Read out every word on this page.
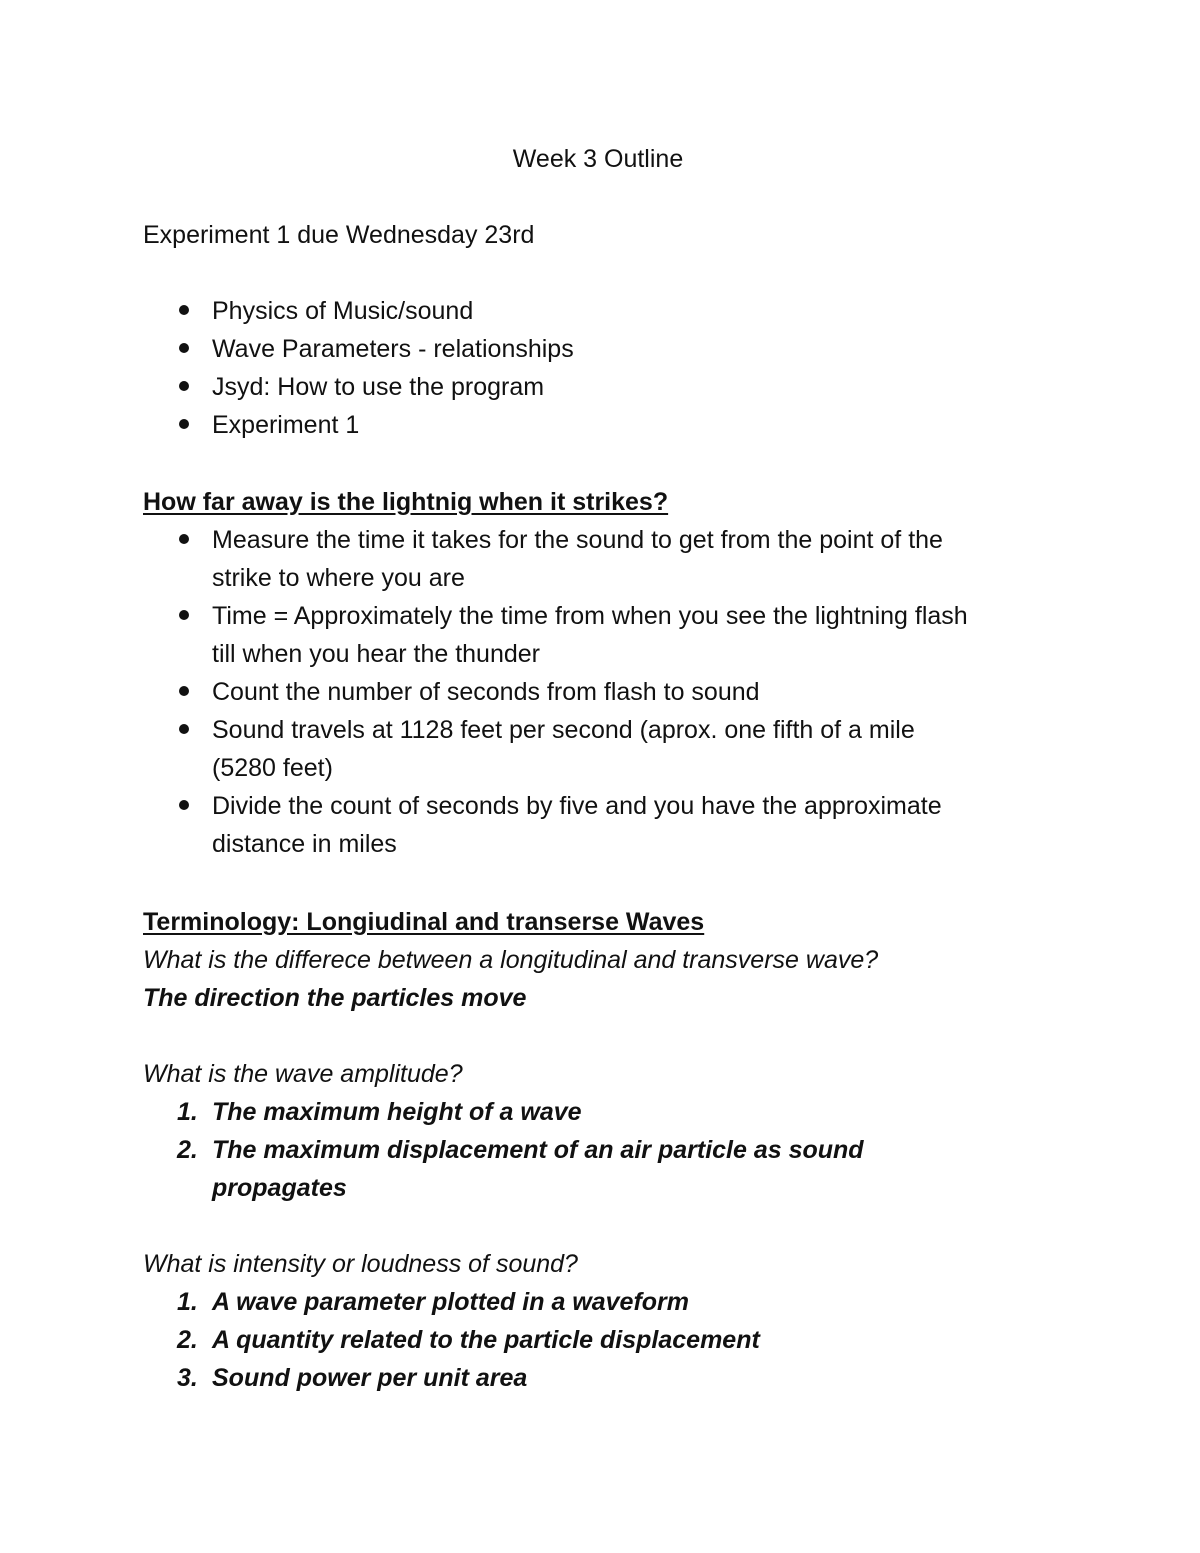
Week 3 Outline
Experiment 1 due Wednesday 23rd
Physics of Music/sound
Wave Parameters - relationships
Jsyd: How to use the program
Experiment 1
How far away is the lightnig when it strikes?
Measure the time it takes for the sound to get from the point of the
strike to where you are
Time = Approximately the time from when you see the lightning flash
till when you hear the thunder
Count the number of seconds from flash to sound
Sound travels at 1128 feet per second (aprox. one fifth of a mile
(5280 feet)
Divide the count of seconds by five and you have the approximate
distance in miles
Terminology: Longiudinal and transerse Waves
What is the differece between a longitudinal and transverse wave?
The direction the particles move
What is the wave amplitude?
1. The maximum height of a wave
2. The maximum displacement of an air particle as sound
propagates
What is intensity or loudness of sound?
1. A wave parameter plotted in a waveform
2. A quantity related to the particle displacement
3. Sound power per unit area
